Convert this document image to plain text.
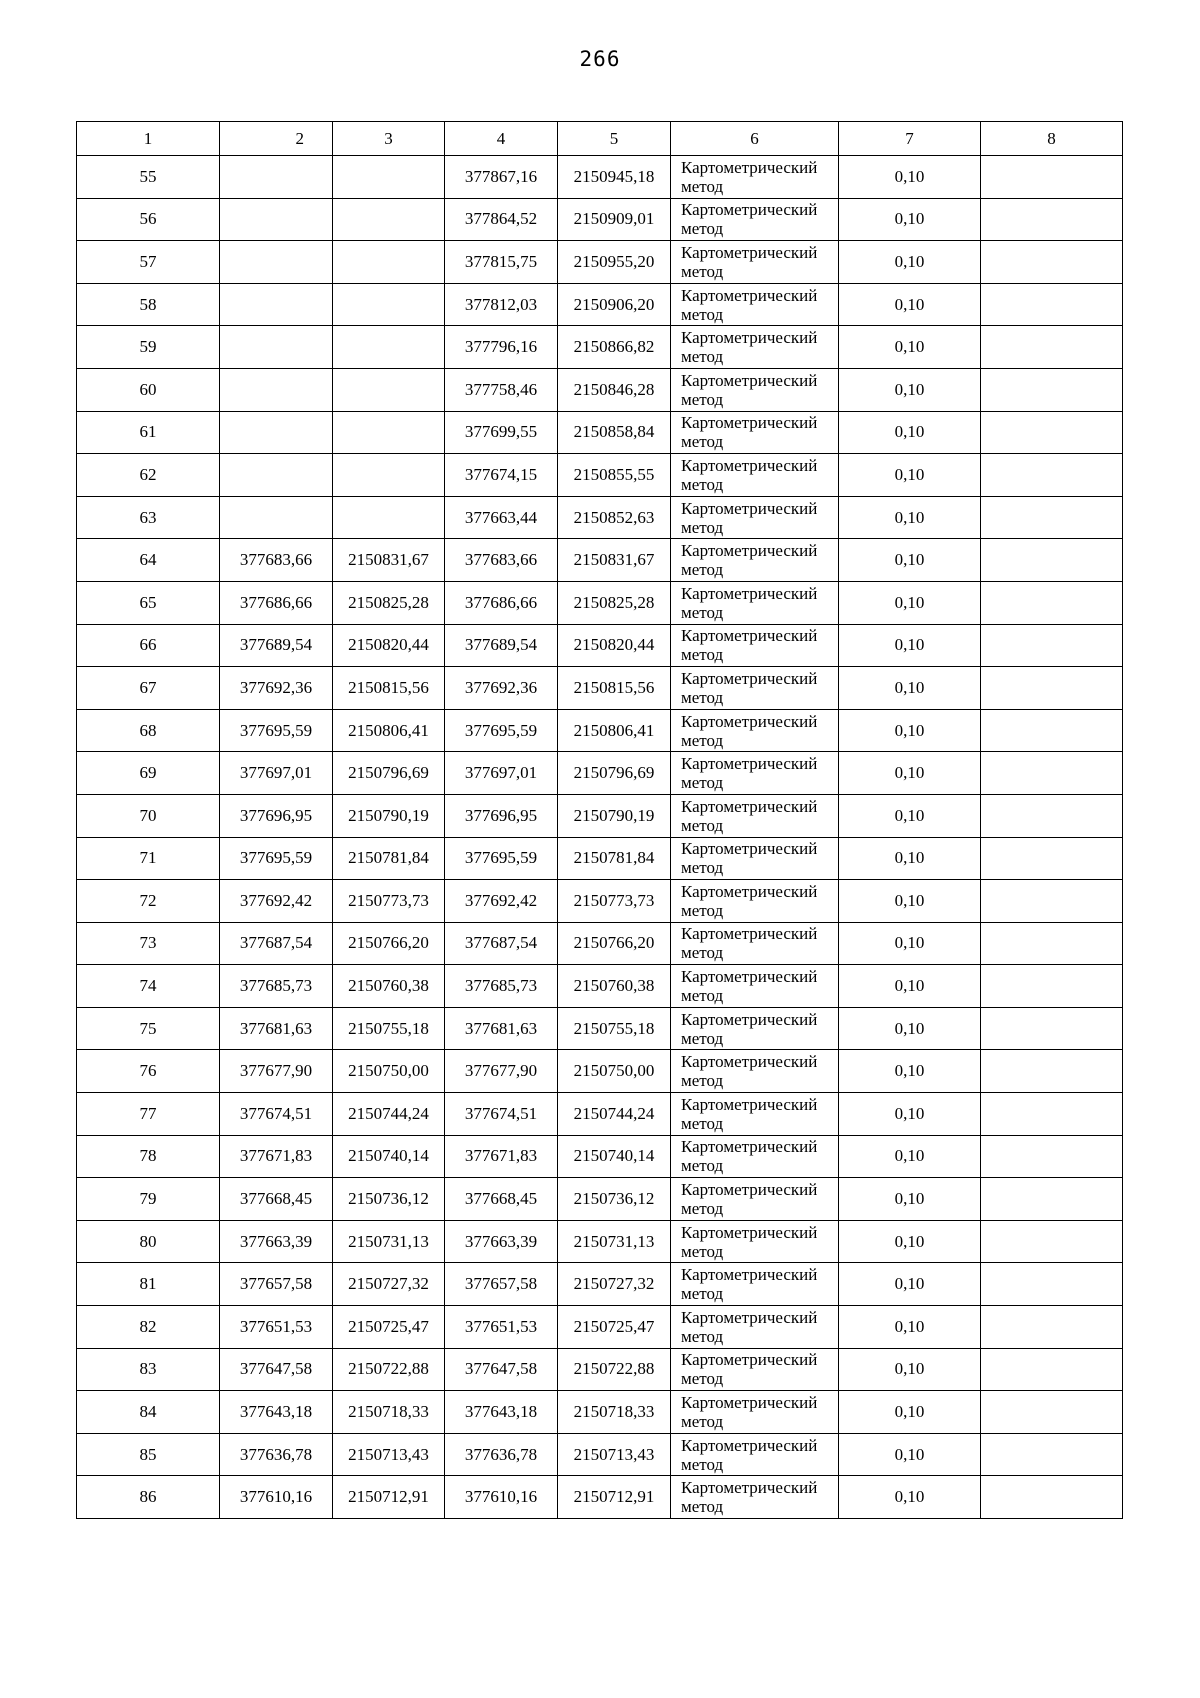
266
1	2	3	4	5	6	7	8
55			377867,16	2150945,18	Картометрический метод	0,10	
56			377864,52	2150909,01	Картометрический метод	0,10	
57			377815,75	2150955,20	Картометрический метод	0,10	
58			377812,03	2150906,20	Картометрический метод	0,10	
59			377796,16	2150866,82	Картометрический метод	0,10	
60			377758,46	2150846,28	Картометрический метод	0,10	
61			377699,55	2150858,84	Картометрический метод	0,10	
62			377674,15	2150855,55	Картометрический метод	0,10	
63			377663,44	2150852,63	Картометрический метод	0,10	
64	377683,66	2150831,67	377683,66	2150831,67	Картометрический метод	0,10	
65	377686,66	2150825,28	377686,66	2150825,28	Картометрический метод	0,10	
66	377689,54	2150820,44	377689,54	2150820,44	Картометрический метод	0,10	
67	377692,36	2150815,56	377692,36	2150815,56	Картометрический метод	0,10	
68	377695,59	2150806,41	377695,59	2150806,41	Картометрический метод	0,10	
69	377697,01	2150796,69	377697,01	2150796,69	Картометрический метод	0,10	
70	377696,95	2150790,19	377696,95	2150790,19	Картометрический метод	0,10	
71	377695,59	2150781,84	377695,59	2150781,84	Картометрический метод	0,10	
72	377692,42	2150773,73	377692,42	2150773,73	Картометрический метод	0,10	
73	377687,54	2150766,20	377687,54	2150766,20	Картометрический метод	0,10	
74	377685,73	2150760,38	377685,73	2150760,38	Картометрический метод	0,10	
75	377681,63	2150755,18	377681,63	2150755,18	Картометрический метод	0,10	
76	377677,90	2150750,00	377677,90	2150750,00	Картометрический метод	0,10	
77	377674,51	2150744,24	377674,51	2150744,24	Картометрический метод	0,10	
78	377671,83	2150740,14	377671,83	2150740,14	Картометрический метод	0,10	
79	377668,45	2150736,12	377668,45	2150736,12	Картометрический метод	0,10	
80	377663,39	2150731,13	377663,39	2150731,13	Картометрический метод	0,10	
81	377657,58	2150727,32	377657,58	2150727,32	Картометрический метод	0,10	
82	377651,53	2150725,47	377651,53	2150725,47	Картометрический метод	0,10	
83	377647,58	2150722,88	377647,58	2150722,88	Картометрический метод	0,10	
84	377643,18	2150718,33	377643,18	2150718,33	Картометрический метод	0,10	
85	377636,78	2150713,43	377636,78	2150713,43	Картометрический метод	0,10	
86	377610,16	2150712,91	377610,16	2150712,91	Картометрический метод	0,10	
